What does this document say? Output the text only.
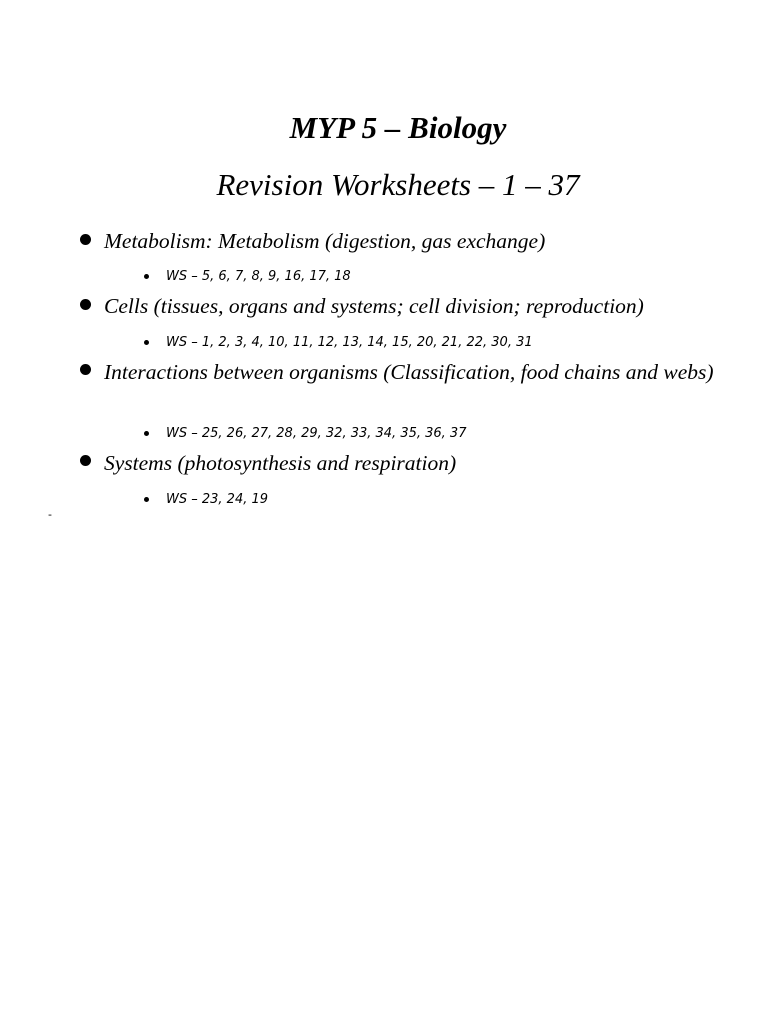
MYP 5 – Biology
Revision Worksheets – 1 – 37
Metabolism: Metabolism (digestion, gas exchange)
WS – 5, 6, 7, 8, 9, 16, 17, 18
Cells (tissues, organs and systems; cell division; reproduction)
WS – 1, 2, 3, 4, 10, 11, 12, 13, 14, 15, 20, 21, 22, 30, 31
Interactions between organisms (Classification, food chains and webs)
WS – 25, 26, 27, 28, 29, 32, 33, 34, 35, 36, 37
Systems (photosynthesis and respiration)
WS – 23, 24, 19
-
